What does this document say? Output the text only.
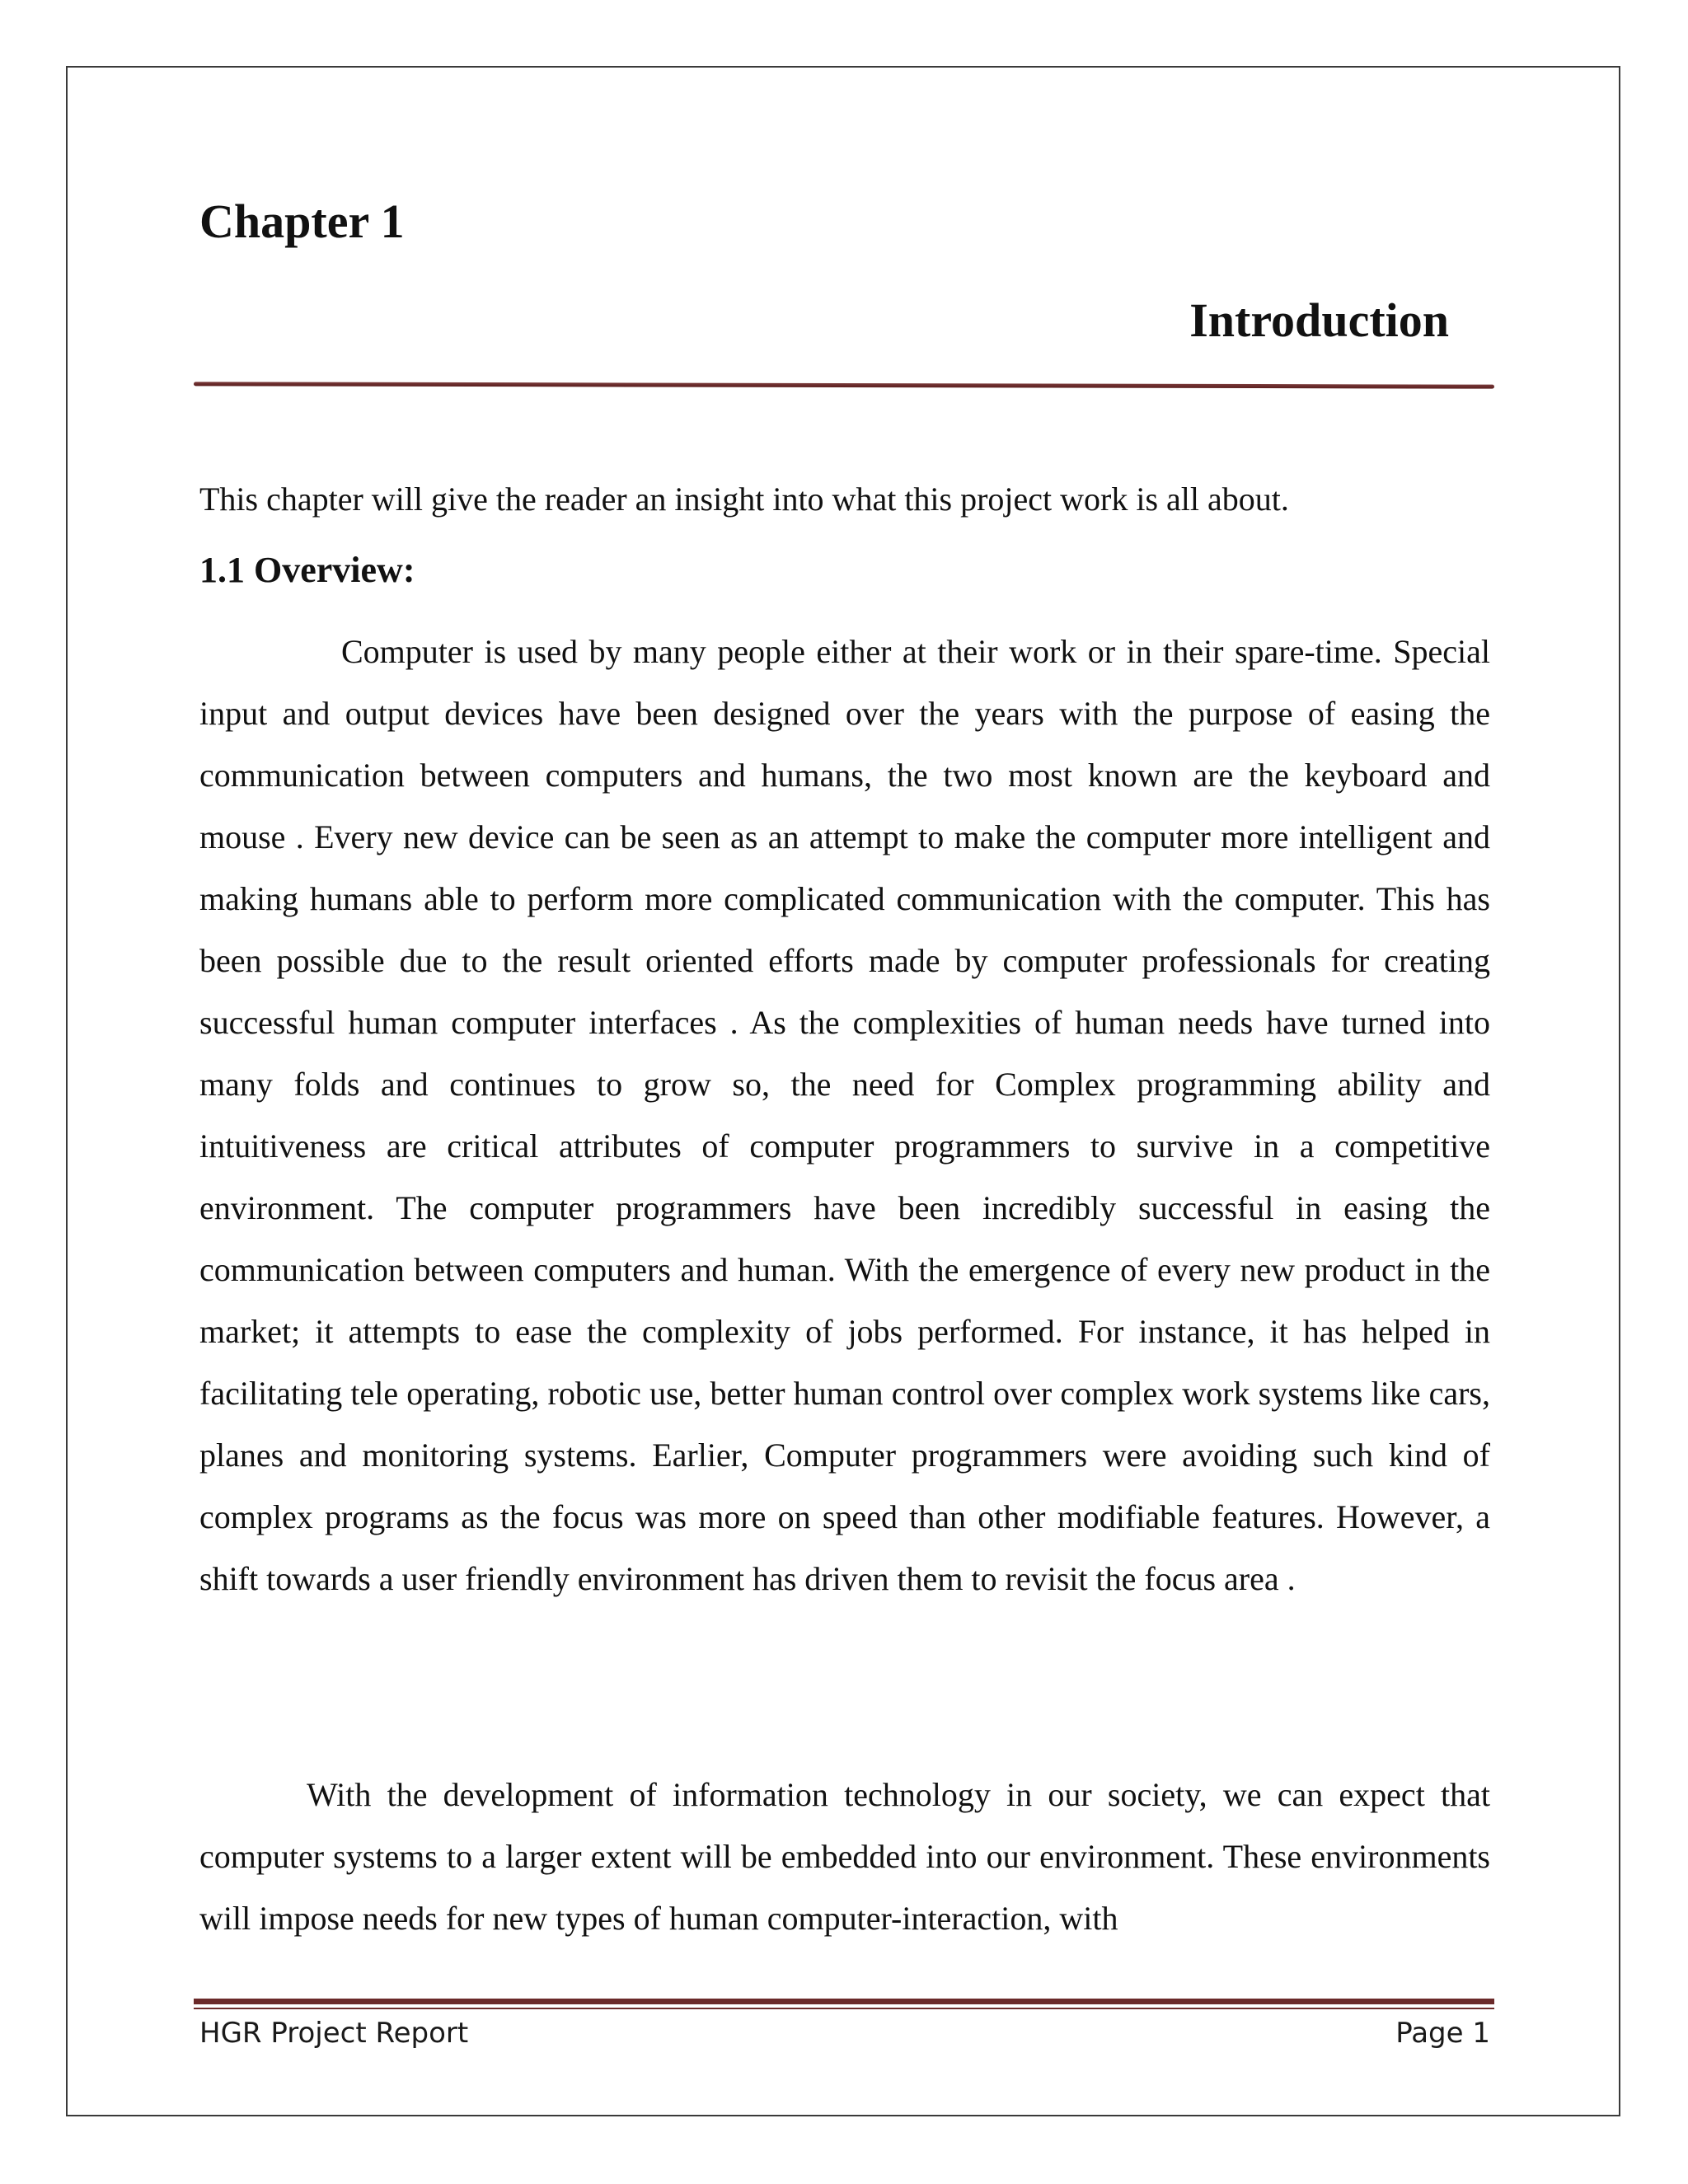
Chapter 1
Introduction

This chapter will give the reader an insight into what this project work is all about.

1.1 Overview:

Computer is used by many people either at their work or in their spare-time. Special input and output devices have been designed over the years with the purpose of easing the communication between computers and humans, the two most known are the keyboard and mouse . Every new device can be seen as an attempt to make the computer more intelligent and making humans able to perform more complicated communication with the computer. This has been possible due to the result oriented efforts made by computer professionals for creating successful human computer interfaces . As the complexities of human needs have turned into many folds and continues to grow so, the need for Complex programming ability and intuitiveness are critical attributes of computer programmers to survive in a competitive environment. The computer programmers have been incredibly successful in easing the communication between computers and human. With the emergence of every new product in the market; it attempts to ease the complexity of jobs performed. For instance, it has helped in facilitating tele operating, robotic use, better human control over complex work systems like cars, planes and monitoring systems. Earlier, Computer programmers were avoiding such kind of complex programs as the focus was more on speed than other modifiable features. However, a shift towards a user friendly environment has driven them to revisit the focus area .

With the development of information technology in our society, we can expect that computer systems to a larger extent will be embedded into our environment. These environments will impose needs for new types of human computer-interaction, with

HGR Project Report	Page 1
